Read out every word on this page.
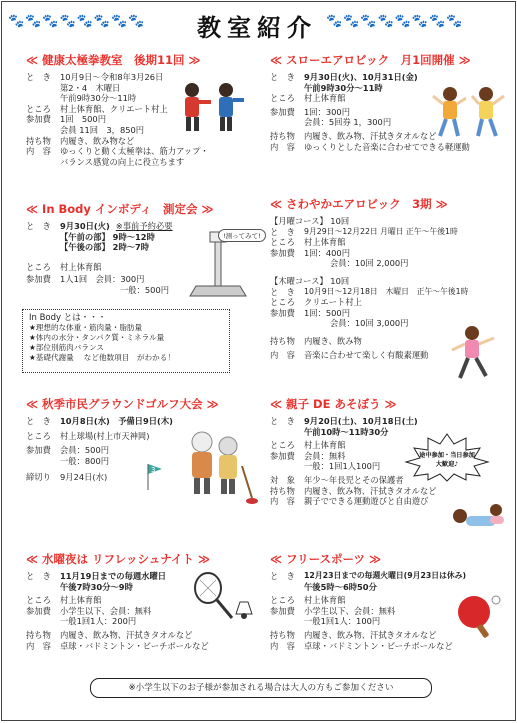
🐾🐾🐾🐾🐾🐾🐾🐾 教室紹介 🐾🐾🐾🐾🐾🐾🐾🐾
≪ 健康太極拳教室　後期11回 ≫
と　き	10月9日～令和8年3月26日
第2・4　木曜日
午前9時30分～11時
ところ	村上体育館、クリエート村上
参加費	1回　500円
会員 11回　3，850円
持ち物	内履き、飲み物など
内　容	ゆっくりと動く太極拳は、筋力アップ・
バランス感覚の向上に役立ちます
≪ スローエアロビック　月1回開催 ≫
と　き	9月30日(火)、10月31日(金)
午前9時30分～11時
ところ	村上体育館
参加費	1回：300円
会員：5回券 1，300円
持ち物	内履き、飲み物、汗拭きタオルなど
内　容	ゆっくりとした音楽に合わせてできる軽運動
≪ In Body インボディ　測定会 ≫
と　き	9月30日(火) ※事前予約必要
【午前の部】 9時～12時
【午後の部】 2時～7時
ところ	村上体育館
参加費	1人1回　会員：300円
一般：500円
!測ってみて!
In Body とは・・・
★理想的な体重・筋肉量・脂肪量
★体内の水分・タンパク質・ミネラル量
★部位別筋肉バランス
★基礎代謝量　 など他数項目　がわかる！
≪ さわやかエアロビック　3期 ≫
【月曜コース】 10回
と　き	9月29日～12月22日 月曜日 正午～午後1時
ところ	村上体育館
参加費	1回：400円
会員：10回 2,000円
【木曜コース】 10回
と　き	10月9日～12月18日　木曜日　正午～午後1時
ところ	クリエート村上
参加費	1回：500円
会員：10回 3,000円
持ち物	内履き、飲み物
内　容	音楽に合わせて楽しく有酸素運動
≪ 秋季市民グラウンドゴルフ大会 ≫
と　き	10月8日(水)　予備日9日(木)
ところ	村上球場(村上市天神岡)
参加費	会員：500円
一般：800円
締切り	9月24日(水)
3
≪ 親子 DE あそぼう ≫
と　き	9月20日(土)、10月18日(土)
午前10時～11時30分
ところ	村上体育館
参加費	会員：無料
一般：1回1人100円
対　象	年少～年長児とその保護者
持ち物	内履き、飲み物、汗拭きタオルなど
内　容	親子でできる運動遊びと自由遊び
途中参加・当日参加
大歓迎♪
≪ 水曜夜は リフレッシュナイト ≫
と　き	11月19日までの毎週水曜日
午後7時30分～9時
ところ	村上体育館
参加費	小学生以下、会員：無料
一般1回1人：200円
持ち物	内履き、飲み物、汗拭きタオルなど
内　容	卓球・バドミントン・ビーチボールなど
≪ フリースポーツ ≫
と　き	12月23日までの毎週火曜日(9月23日は休み)
午後5時～6時50分
ところ	村上体育館
参加費	小学生以下、会員：無料
一般1回1人：100円
持ち物	内履き、飲み物、汗拭きタオルなど
内　容	卓球・バドミントン・ビーチボールなど
※小学生以下のお子様が参加される場合は大人の方もご参加ください
